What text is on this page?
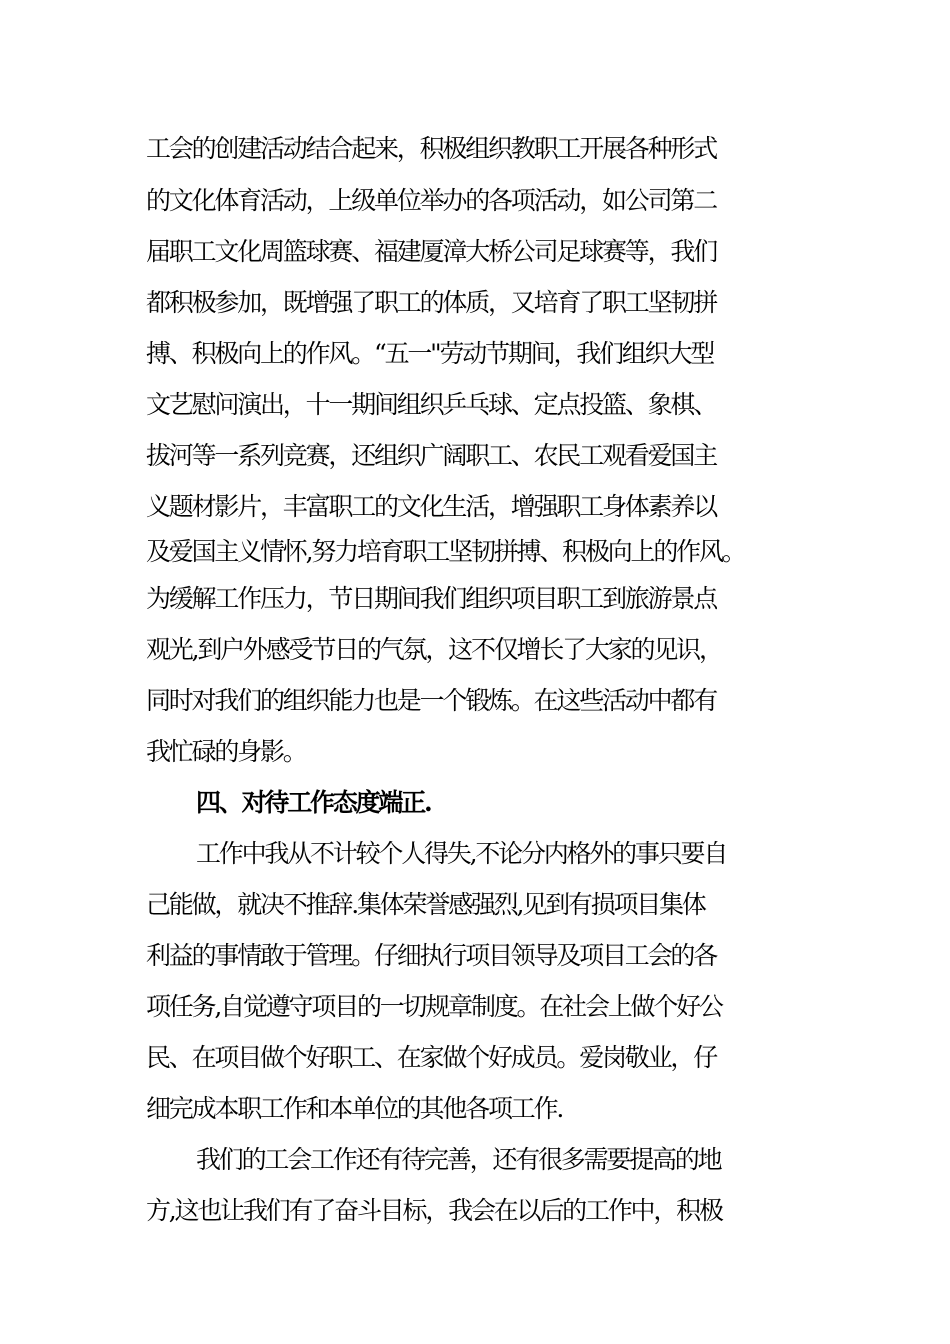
工会的创建活动结合起来，积极组织教职工开展各种形式
的文化体育活动，上级单位举办的各项活动，如公司第二
届职工文化周篮球赛、福建厦漳大桥公司足球赛等，我们
都积极参加，既增强了职工的体质，又培育了职工坚韧拼
搏、积极向上的作风。“五一"劳动节期间，我们组织大型
文艺慰问演出，十一期间组织乒乓球、定点投篮、象棋、
拔河等一系列竞赛，还组织广阔职工、农民工观看爱国主
义题材影片，丰富职工的文化生活，增强职工身体素养以
及爱国主义情怀,努力培育职工坚韧拼搏、积极向上的作风。
为缓解工作压力，节日期间我们组织项目职工到旅游景点
观光,到户外感受节日的气氛，这不仅增长了大家的见识，
同时对我们的组织能力也是一个锻炼。在这些活动中都有
我忙碌的身影。
四、对待工作态度端正.
工作中我从不计较个人得失,不论分内格外的事只要自
己能做，就决不推辞.集体荣誉感强烈,见到有损项目集体
利益的事情敢于管理。仔细执行项目领导及项目工会的各
项任务,自觉遵守项目的一切规章制度。在社会上做个好公
民、在项目做个好职工、在家做个好成员。爱岗敬业，仔
细完成本职工作和本单位的其他各项工作.
我们的工会工作还有待完善，还有很多需要提高的地
方,这也让我们有了奋斗目标，我会在以后的工作中，积极
